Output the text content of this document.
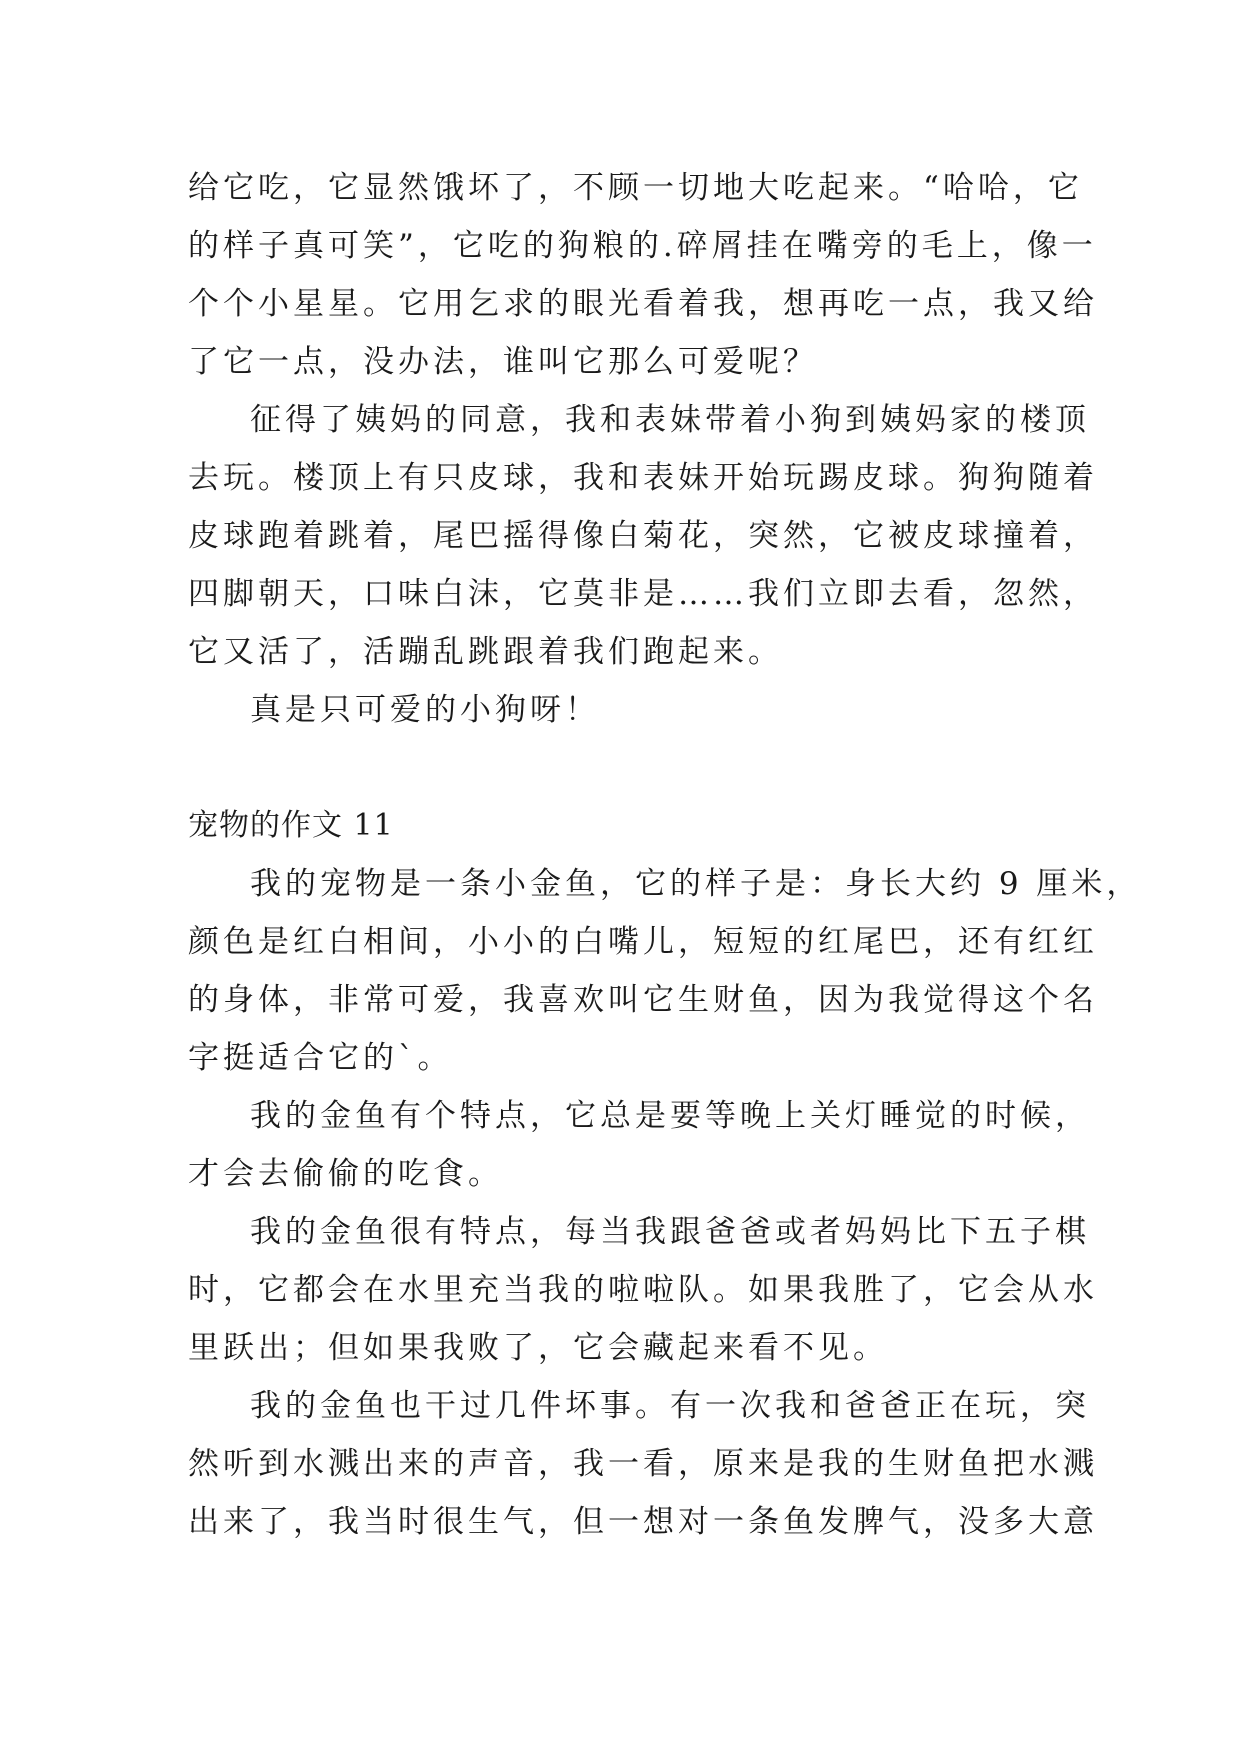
给它吃，它显然饿坏了，不顾一切地大吃起来。“哈哈，它
的样子真可笑”，它吃的狗粮的.碎屑挂在嘴旁的毛上，像一
个个小星星。它用乞求的眼光看着我，想再吃一点，我又给
了它一点，没办法，谁叫它那么可爱呢？
征得了姨妈的同意，我和表妹带着小狗到姨妈家的楼顶
去玩。楼顶上有只皮球，我和表妹开始玩踢皮球。狗狗随着
皮球跑着跳着，尾巴摇得像白菊花，突然，它被皮球撞着，
四脚朝天，口味白沫，它莫非是……我们立即去看，忽然，
它又活了，活蹦乱跳跟着我们跑起来。
真是只可爱的小狗呀！
宠物的作文 11
我的宠物是一条小金鱼，它的样子是：身长大约 9 厘米，
颜色是红白相间，小小的白嘴儿，短短的红尾巴，还有红红
的身体，非常可爱，我喜欢叫它生财鱼，因为我觉得这个名
字挺适合它的`。
我的金鱼有个特点，它总是要等晚上关灯睡觉的时候，
才会去偷偷的吃食。
我的金鱼很有特点，每当我跟爸爸或者妈妈比下五子棋
时，它都会在水里充当我的啦啦队。如果我胜了，它会从水
里跃出；但如果我败了，它会藏起来看不见。
我的金鱼也干过几件坏事。有一次我和爸爸正在玩，突
然听到水溅出来的声音，我一看，原来是我的生财鱼把水溅
出来了，我当时很生气，但一想对一条鱼发脾气，没多大意
